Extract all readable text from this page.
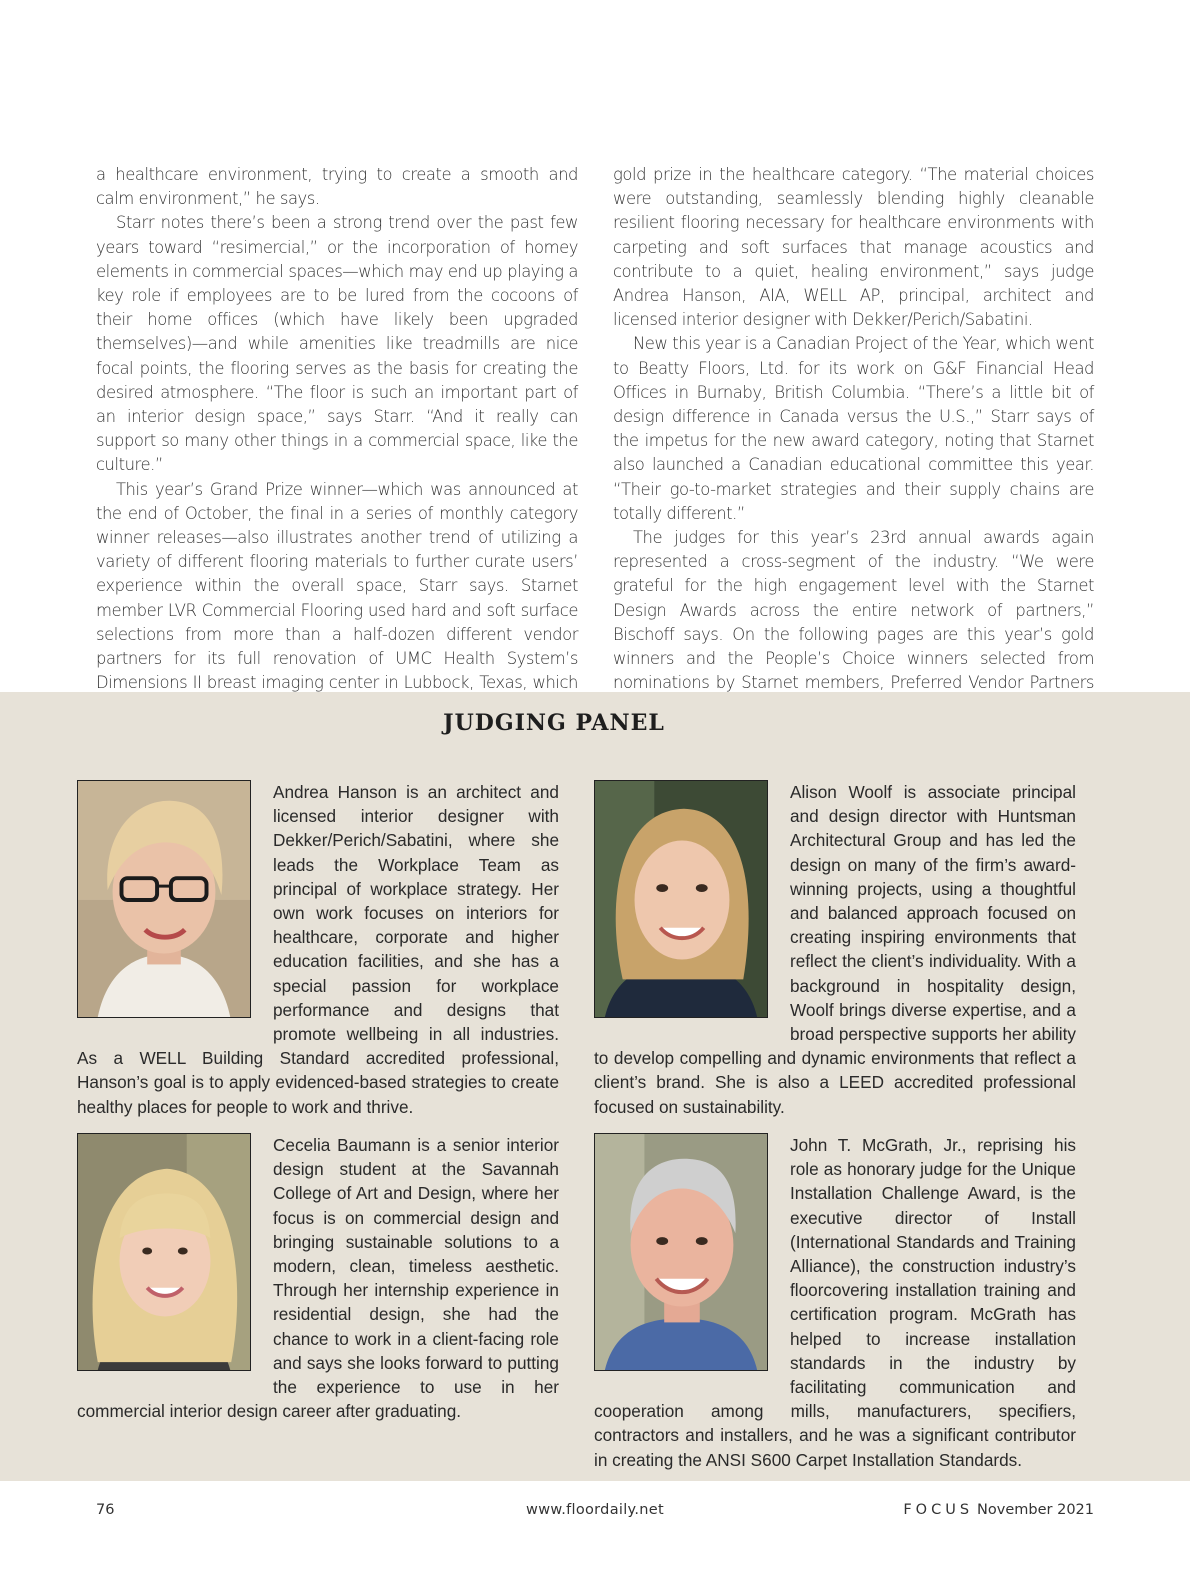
a healthcare environment, trying to create a smooth and calm environment,” he says.

Starr notes there’s been a strong trend over the past few years toward “resimercial,” or the incorporation of homey elements in commercial spaces—which may end up playing a key role if employees are to be lured from the cocoons of their home offices (which have likely been upgraded themselves)—and while amenities like treadmills are nice focal points, the flooring serves as the basis for creating the desired atmosphere. “The floor is such an important part of an interior design space,” says Starr. “And it really can support so many other things in a commercial space, like the culture.”

This year’s Grand Prize winner—which was announced at the end of October, the final in a series of monthly category winner releases—also illustrates another trend of utilizing a variety of different flooring materials to further curate users’ experience within the overall space, Starr says. Starnet member LVR Commercial Flooring used hard and soft surface selections from more than a half-dozen different vendor partners for its full renovation of UMC Health System’s Dimensions II breast imaging center in Lubbock, Texas, which

gold prize in the healthcare category. “The material choices were outstanding, seamlessly blending highly cleanable resilient flooring necessary for healthcare environments with carpeting and soft surfaces that manage acoustics and contribute to a quiet, healing environment,” says judge Andrea Hanson, AIA, WELL AP, principal, architect and licensed interior designer with Dekker/Perich/Sabatini.

New this year is a Canadian Project of the Year, which went to Beatty Floors, Ltd. for its work on G&F Financial Head Offices in Burnaby, British Columbia. “There’s a little bit of design difference in Canada versus the U.S.,” Starr says of the impetus for the new award category, noting that Starnet also launched a Canadian educational committee this year. “Their go-to-market strategies and their supply chains are totally different.”

The judges for this year’s 23rd annual awards again represented a cross-segment of the industry. “We were grateful for the high engagement level with the Starnet Design Awards across the entire network of partners,” Bischoff says. On the following pages are this year’s gold winners and the People’s Choice winners selected from nominations by Starnet members, Preferred Vendor Partners

JUDGING PANEL

Andrea Hanson is an architect and licensed interior designer with Dekker/Perich/Sabatini, where she leads the Workplace Team as principal of workplace strategy. Her own work focuses on interiors for healthcare, corporate and higher education facilities, and she has a special passion for workplace performance and designs that promote wellbeing in all industries. As a WELL Building Standard accredited professional, Hanson’s goal is to apply evidenced-based strategies to create healthy places for people to work and thrive.

Alison Woolf is associate principal and design director with Huntsman Architectural Group and has led the design on many of the firm’s award-winning projects, using a thoughtful and balanced approach focused on creating inspiring environments that reflect the client’s individuality. With a background in hospitality design, Woolf brings diverse expertise, and a broad perspective supports her ability to develop compelling and dynamic environments that reflect a client’s brand. She is also a LEED accredited professional focused on sustainability.

Cecelia Baumann is a senior interior design student at the Savannah College of Art and Design, where her focus is on commercial design and bringing sustainable solutions to a modern, clean, timeless aesthetic. Through her internship experience in residential design, she had the chance to work in a client-facing role and says she looks forward to putting the experience to use in her commercial interior design career after graduating.

John T. McGrath, Jr., reprising his role as honorary judge for the Unique Installation Challenge Award, is the executive director of Install (International Standards and Training Alliance), the construction industry’s floorcovering installation training and certification program. McGrath has helped to increase installation standards in the industry by facilitating communication and cooperation among mills, manufacturers, specifiers, contractors and installers, and he was a significant contributor in creating the ANSI S600 Carpet Installation Standards.

76	www.floordaily.net	FOCUS November 2021
